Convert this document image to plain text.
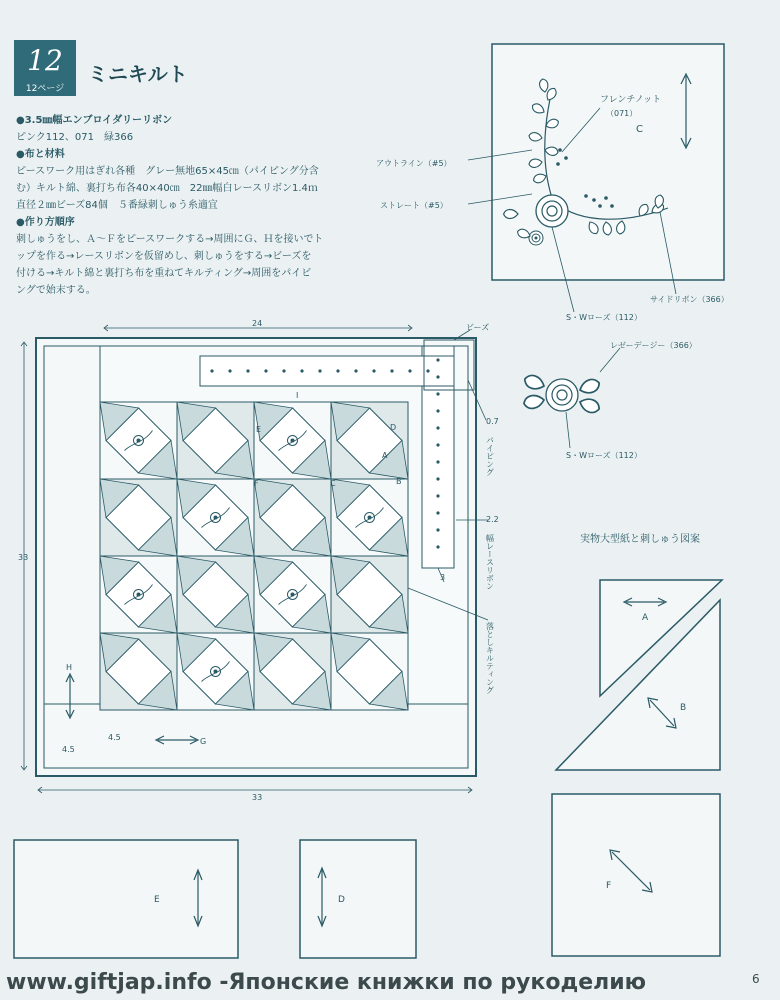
12
12ページ
ミニキルト
●3.5㎜幅エンブロイダリーリボン
ピンク112、071　緑366
●布と材料
ピースワーク用はぎれ各種　グレー無地65×45㎝（パイピング分含
む）キルト綿、裏打ち布各40×40㎝　22㎜幅白レースリボン1.4ｍ
直径２㎜ビーズ84個　５番緑刺しゅう糸適宜
●作り方順序
刺しゅうをし、Ａ～Ｆをピースワークする→周囲にＧ、Ｈを接いでト
ップを作る→レースリボンを仮留めし、刺しゅうをする→ビーズを
付ける→キルト綿と裏打ち布を重ねてキルティング→周囲をパイビ
ングで始末する。
フレンチノット
（071）
C
アウトライン（#5）
ストレート（#5）
サイドリボン（366）
S・Wローズ（112）
レゼーデージー（366）
S・Wローズ（112）
24
33
33
4.5
4.5
ビーズ
I
0.7
パイピング
2.2
幅レースリボン
3
落としキルティング
H
G
E	D
F	C
A
B
実物大型紙と刺しゅう図案
A
B
F
E	D
www.giftjap.info -Японские книжки по рукоделию	6
